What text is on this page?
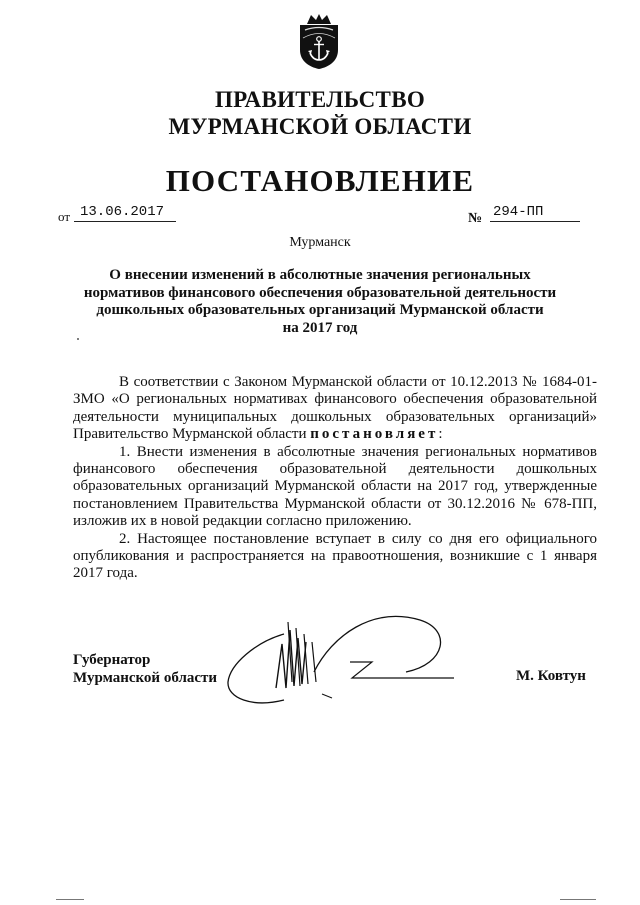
ПРАВИТЕЛЬСТВО
МУРМАНСКОЙ ОБЛАСТИ
ПОСТАНОВЛЕНИЕ
от 13.06.2017	№ 294-ПП
Мурманск
О внесении изменений в абсолютные значения региональных
нормативов финансового обеспечения образовательной деятельности
дошкольных образовательных организаций Мурманской области
на 2017 год

В соответствии с Законом Мурманской области от 10.12.2013 № 1684-01-ЗМО «О региональных нормативах финансового обеспечения образовательной деятельности муниципальных дошкольных образовательных организаций» Правительство Мурманской области постановляет:

1. Внести изменения в абсолютные значения региональных нормативов финансового обеспечения образовательной деятельности дошкольных образовательных организаций Мурманской области на 2017 год, утвержденные постановлением Правительства Мурманской области от 30.12.2016 № 678-ПП, изложив их в новой редакции согласно приложению.

2. Настоящее постановление вступает в силу со дня его официального опубликования и распространяется на правоотношения, возникшие с 1 января 2017 года.

Губернатор
Мурманской области	М. Ковтун
